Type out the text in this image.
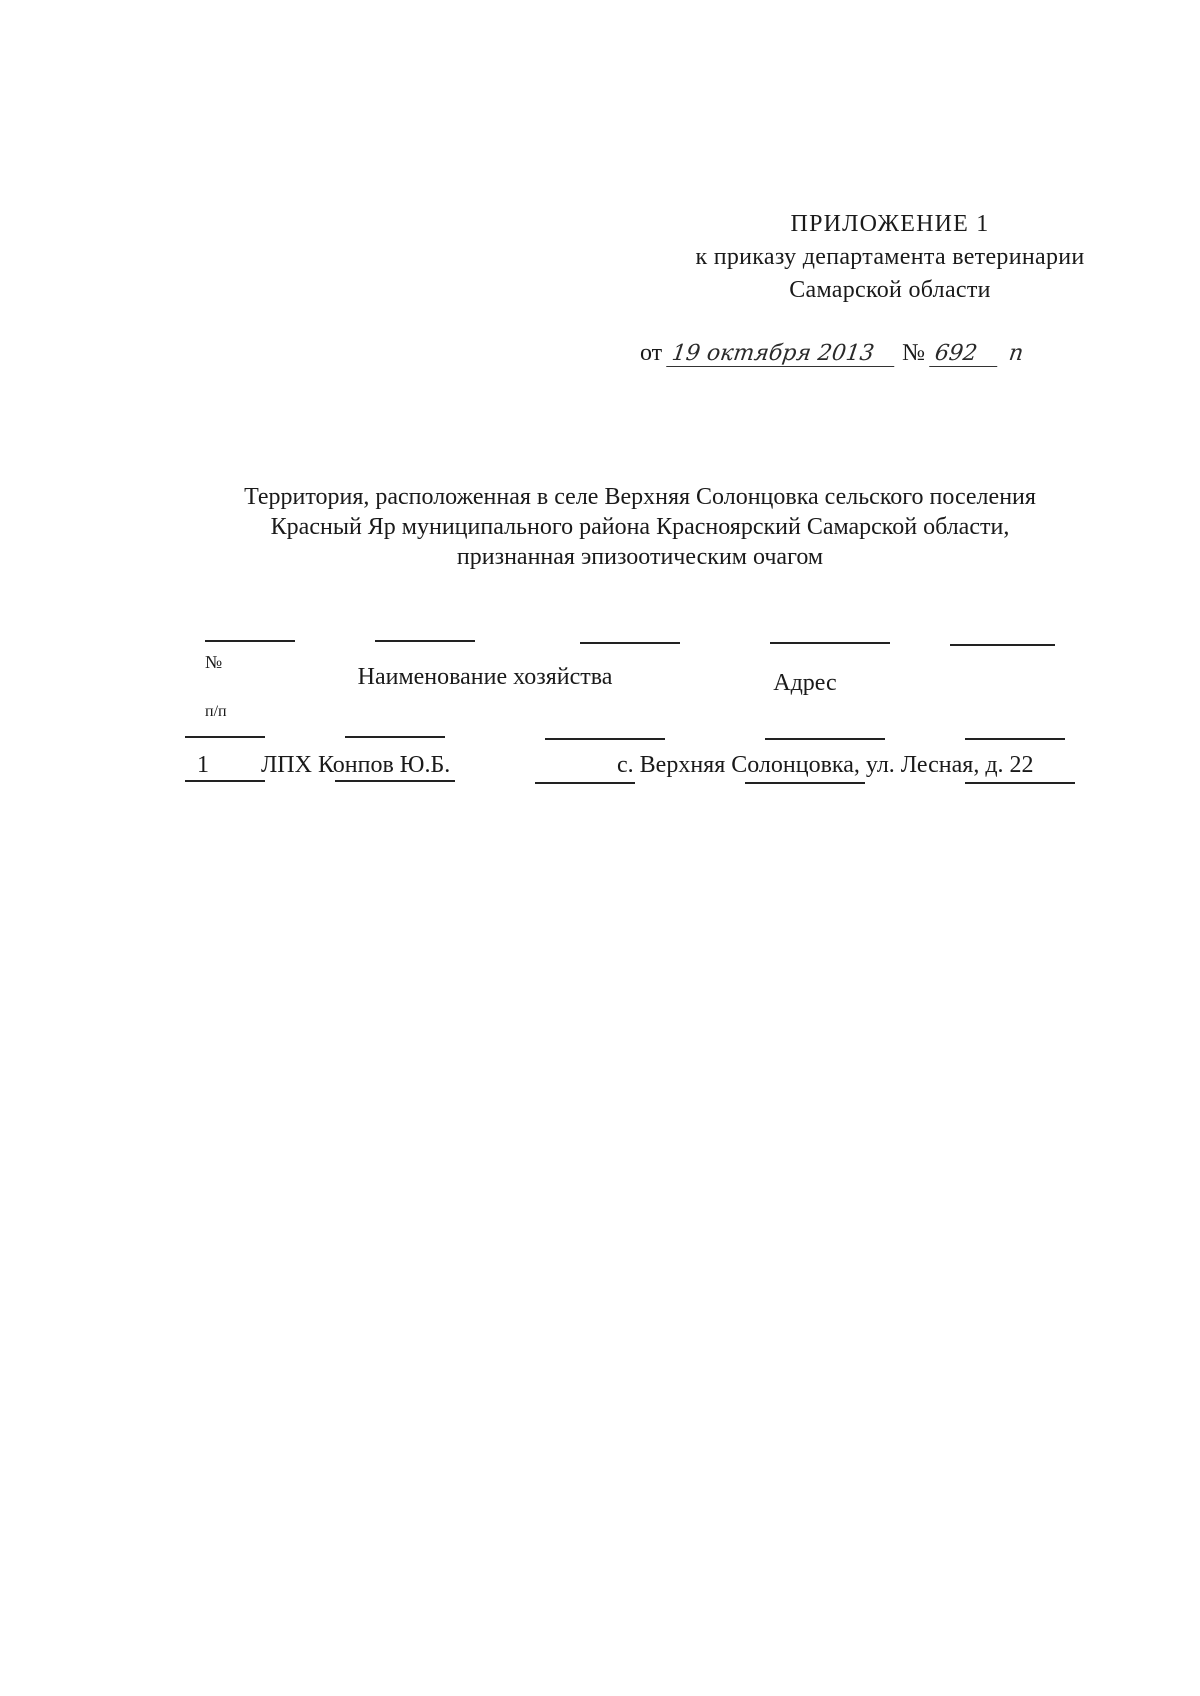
ПРИЛОЖЕНИЕ 1
к приказу департамента ветеринарии
Самарской области
от 19 октября 2013 № 692 п
Территория, расположенная в селе Верхняя Солонцовка сельского поселения
Красный Яр муниципального района Красноярский Самарской области,
признанная эпизоотическим очагом
№
п/п
Наименование хозяйства	Адрес
1 ЛПХ Конпов Ю.Б.	с. Верхняя Солонцовка, ул. Лесная, д. 22
